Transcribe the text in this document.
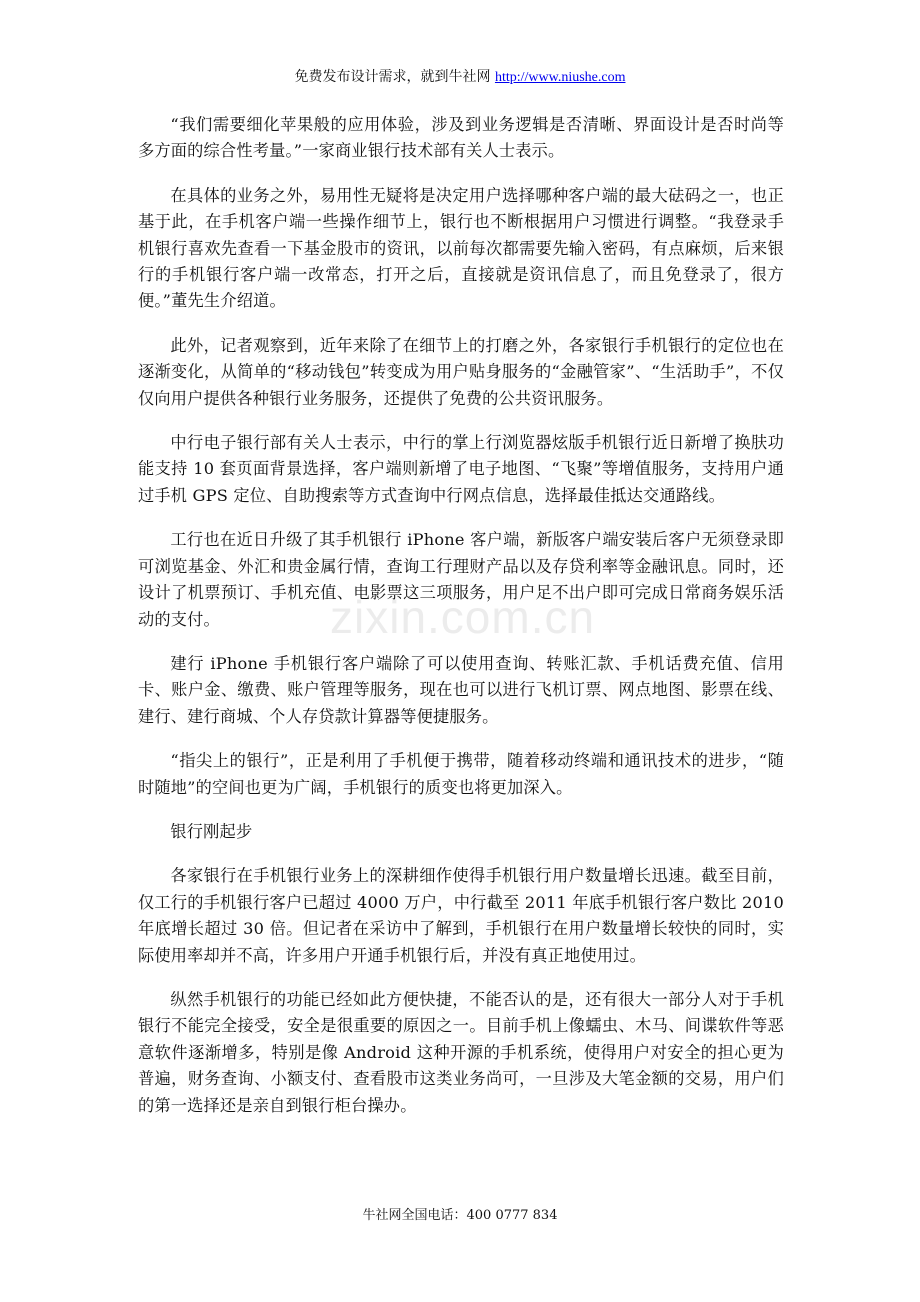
免费发布设计需求，就到牛社网 http://www.niushe.com
zixin.com.cn

“我们需要细化苹果般的应用体验，涉及到业务逻辑是否清晰、界面设计是否时尚等多方面的综合性考量。”一家商业银行技术部有关人士表示。

在具体的业务之外，易用性无疑将是决定用户选择哪种客户端的最大砝码之一，也正基于此，在手机客户端一些操作细节上，银行也不断根据用户习惯进行调整。“我登录手机银行喜欢先查看一下基金股市的资讯，以前每次都需要先输入密码，有点麻烦，后来银行的手机银行客户端一改常态，打开之后，直接就是资讯信息了，而且免登录了，很方便。”董先生介绍道。

此外，记者观察到，近年来除了在细节上的打磨之外，各家银行手机银行的定位也在逐渐变化，从简单的“移动钱包”转变成为用户贴身服务的“金融管家”、“生活助手”，不仅仅向用户提供各种银行业务服务，还提供了免费的公共资讯服务。

中行电子银行部有关人士表示，中行的掌上行浏览器炫版手机银行近日新增了换肤功能支持 10 套页面背景选择，客户端则新增了电子地图、“飞聚”等增值服务，支持用户通过手机 GPS 定位、自助搜索等方式查询中行网点信息，选择最佳抵达交通路线。

工行也在近日升级了其手机银行 iPhone 客户端，新版客户端安装后客户无须登录即可浏览基金、外汇和贵金属行情，查询工行理财产品以及存贷利率等金融讯息。同时，还设计了机票预订、手机充值、电影票这三项服务，用户足不出户即可完成日常商务娱乐活动的支付。

建行 iPhone 手机银行客户端除了可以使用查询、转账汇款、手机话费充值、信用卡、账户金、缴费、账户管理等服务，现在也可以进行飞机订票、网点地图、影票在线、建行、建行商城、个人存贷款计算器等便捷服务。

“指尖上的银行”，正是利用了手机便于携带，随着移动终端和通讯技术的进步，“随时随地”的空间也更为广阔，手机银行的质变也将更加深入。

银行刚起步

各家银行在手机银行业务上的深耕细作使得手机银行用户数量增长迅速。截至目前，仅工行的手机银行客户已超过 4000 万户，中行截至 2011 年底手机银行客户数比 2010 年底增长超过 30 倍。但记者在采访中了解到，手机银行在用户数量增长较快的同时，实际使用率却并不高，许多用户开通手机银行后，并没有真正地使用过。

纵然手机银行的功能已经如此方便快捷，不能否认的是，还有很大一部分人对于手机银行不能完全接受，安全是很重要的原因之一。目前手机上像蠕虫、木马、间谍软件等恶意软件逐渐增多，特别是像 Android 这种开源的手机系统，使得用户对安全的担心更为普遍，财务查询、小额支付、查看股市这类业务尚可，一旦涉及大笔金额的交易，用户们的第一选择还是亲自到银行柜台操办。

牛社网全国电话：400 0777 834
